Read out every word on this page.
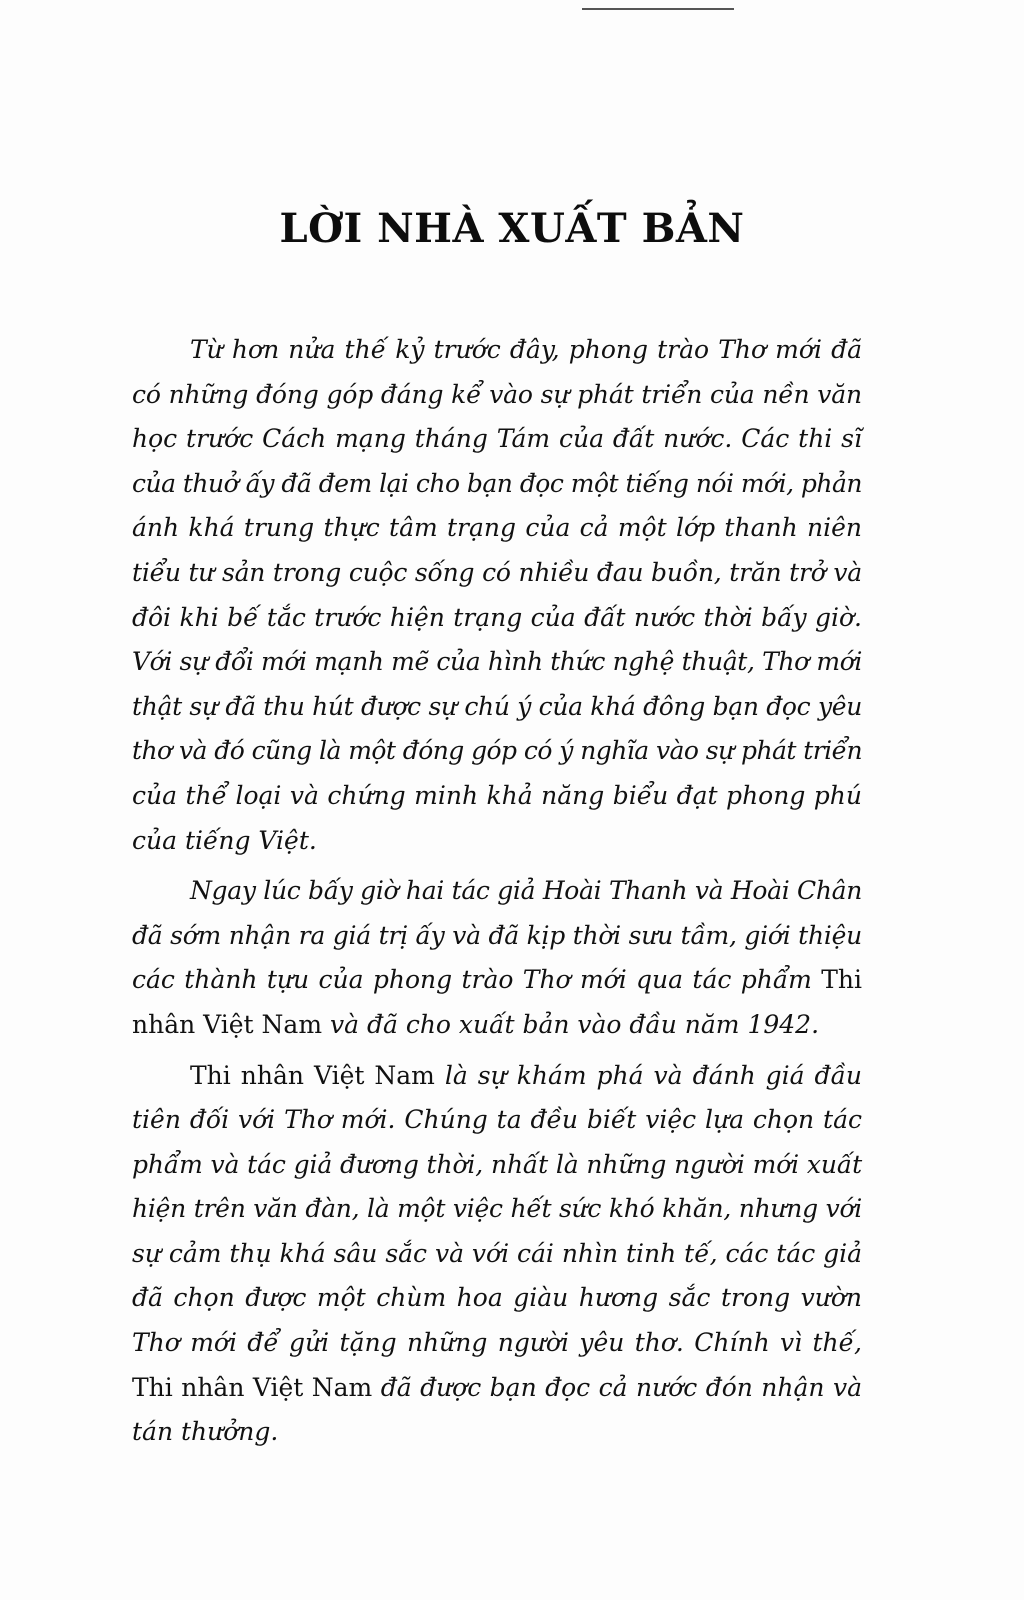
LỜI NHÀ XUẤT BẢN

Từ hơn nửa thế kỷ trước đây, phong trào Thơ mới đã
có những đóng góp đáng kể vào sự phát triển của nền văn
học trước Cách mạng tháng Tám của đất nước. Các thi sĩ
của thuở ấy đã đem lại cho bạn đọc một tiếng nói mới, phản
ánh khá trung thực tâm trạng của cả một lớp thanh niên
tiểu tư sản trong cuộc sống có nhiều đau buồn, trăn trở và
đôi khi bế tắc trước hiện trạng của đất nước thời bấy giờ.
Với sự đổi mới mạnh mẽ của hình thức nghệ thuật, Thơ mới
thật sự đã thu hút được sự chú ý của khá đông bạn đọc yêu
thơ và đó cũng là một đóng góp có ý nghĩa vào sự phát triển
của thể loại và chứng minh khả năng biểu đạt phong phú
của tiếng Việt.

Ngay lúc bấy giờ hai tác giả Hoài Thanh và Hoài Chân
đã sớm nhận ra giá trị ấy và đã kịp thời sưu tầm, giới thiệu
các thành tựu của phong trào Thơ mới qua tác phẩm Thi
nhân Việt Nam và đã cho xuất bản vào đầu năm 1942.

Thi nhân Việt Nam là sự khám phá và đánh giá đầu
tiên đối với Thơ mới. Chúng ta đều biết việc lựa chọn tác
phẩm và tác giả đương thời, nhất là những người mới xuất
hiện trên văn đàn, là một việc hết sức khó khăn, nhưng với
sự cảm thụ khá sâu sắc và với cái nhìn tinh tế, các tác giả
đã chọn được một chùm hoa giàu hương sắc trong vườn
Thơ mới để gửi tặng những người yêu thơ. Chính vì thế,
Thi nhân Việt Nam đã được bạn đọc cả nước đón nhận và
tán thưởng.
